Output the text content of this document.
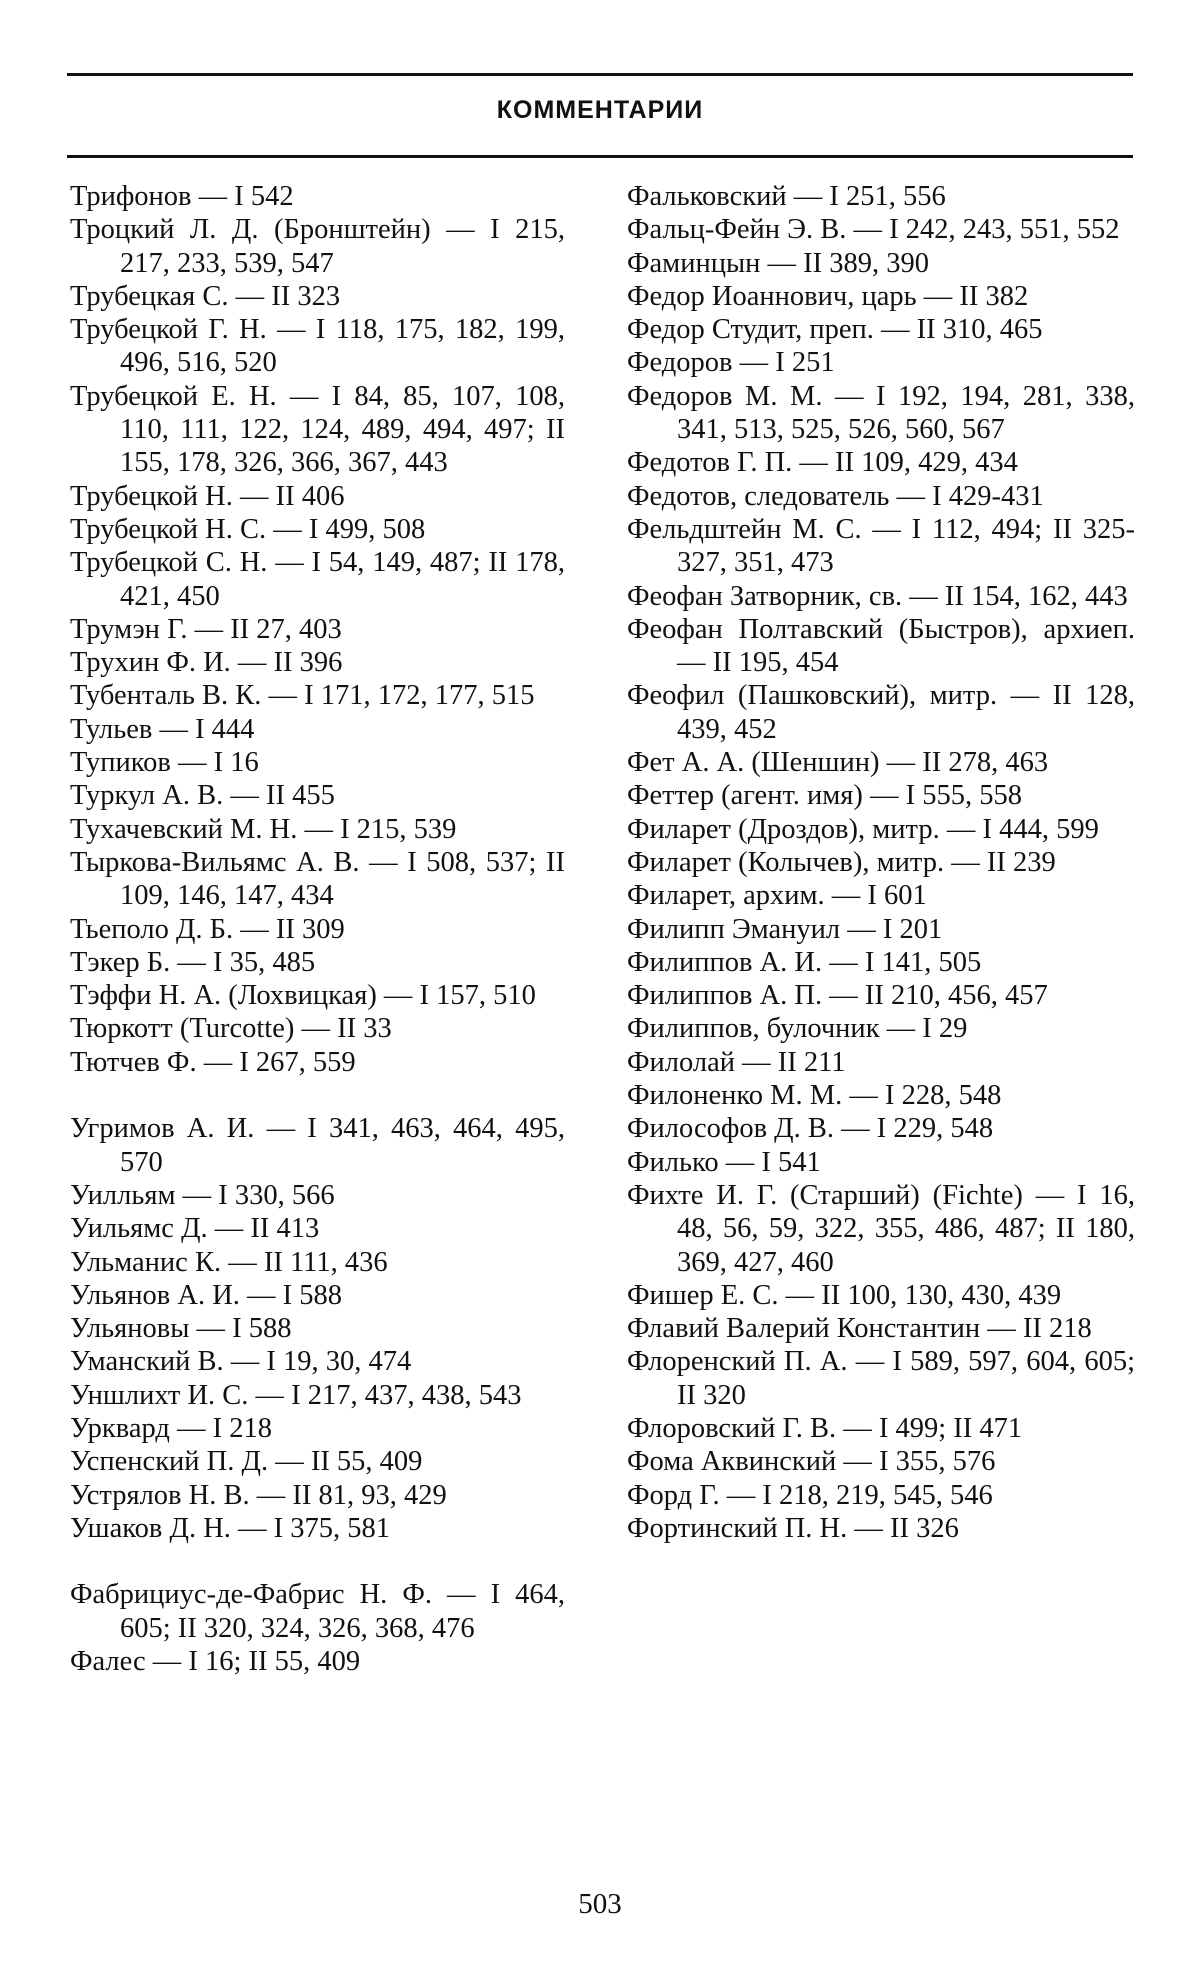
КОММЕНТАРИИ
Трифонов — I 542
Троцкий Л. Д. (Бронштейн) — I 215, 217, 233, 539, 547
Трубецкая С. — II 323
Трубецкой Г. Н. — I 118, 175, 182, 199, 496, 516, 520
Трубецкой Е. Н. — I 84, 85, 107, 108, 110, 111, 122, 124, 489, 494, 497; II 155, 178, 326, 366, 367, 443
Трубецкой Н. — II 406
Трубецкой Н. С. — I 499, 508
Трубецкой С. Н. — I 54, 149, 487; II 178, 421, 450
Трумэн Г. — II 27, 403
Трухин Ф. И. — II 396
Тубенталь В. К. — I 171, 172, 177, 515
Тульев — I 444
Тупиков — I 16
Туркул А. В. — II 455
Тухачевский М. Н. — I 215, 539
Тыркова-Вильямс А. В. — I 508, 537; II 109, 146, 147, 434
Тьеполо Д. Б. — II 309
Тэкер Б. — I 35, 485
Тэффи Н. А. (Лохвицкая) — I 157, 510
Тюркотт (Turcotte) — II 33
Тютчев Ф. — I 267, 559
Угримов А. И. — I 341, 463, 464, 495, 570
Уилльям — I 330, 566
Уильямс Д. — II 413
Ульманис К. — II 111, 436
Ульянов А. И. — I 588
Ульяновы — I 588
Уманский В. — I 19, 30, 474
Уншлихт И. С. — I 217, 437, 438, 543
Урквард — I 218
Успенский П. Д. — II 55, 409
Устрялов Н. В. — II 81, 93, 429
Ушаков Д. Н. — I 375, 581
Фабрициус-де-Фабрис Н. Ф. — I 464, 605; II 320, 324, 326, 368, 476
Фалес — I 16; II 55, 409
Фальковский — I 251, 556
Фальц-Фейн Э. В. — I 242, 243, 551, 552
Фаминцын — II 389, 390
Федор Иоаннович, царь — II 382
Федор Студит, преп. — II 310, 465
Федоров — I 251
Федоров М. М. — I 192, 194, 281, 338, 341, 513, 525, 526, 560, 567
Федотов Г. П. — II 109, 429, 434
Федотов, следователь — I 429-431
Фельдштейн М. С. — I 112, 494; II 325-327, 351, 473
Феофан Затворник, св. — II 154, 162, 443
Феофан Полтавский (Быстров), архиеп. — II 195, 454
Феофил (Пашковский), митр. — II 128, 439, 452
Фет А. А. (Шеншин) — II 278, 463
Феттер (агент. имя) — I 555, 558
Филарет (Дроздов), митр. — I 444, 599
Филарет (Колычев), митр. — II 239
Филарет, архим. — I 601
Филипп Эмануил — I 201
Филиппов А. И. — I 141, 505
Филиппов А. П. — II 210, 456, 457
Филиппов, булочник — I 29
Филолай — II 211
Филоненко М. М. — I 228, 548
Философов Д. В. — I 229, 548
Филько — I 541
Фихте И. Г. (Старший) (Fichte) — I 16, 48, 56, 59, 322, 355, 486, 487; II 180, 369, 427, 460
Фишер Е. С. — II 100, 130, 430, 439
Флавий Валерий Константин — II 218
Флоренский П. А. — I 589, 597, 604, 605; II 320
Флоровский Г. В. — I 499; II 471
Фома Аквинский — I 355, 576
Форд Г. — I 218, 219, 545, 546
Фортинский П. Н. — II 326
503
